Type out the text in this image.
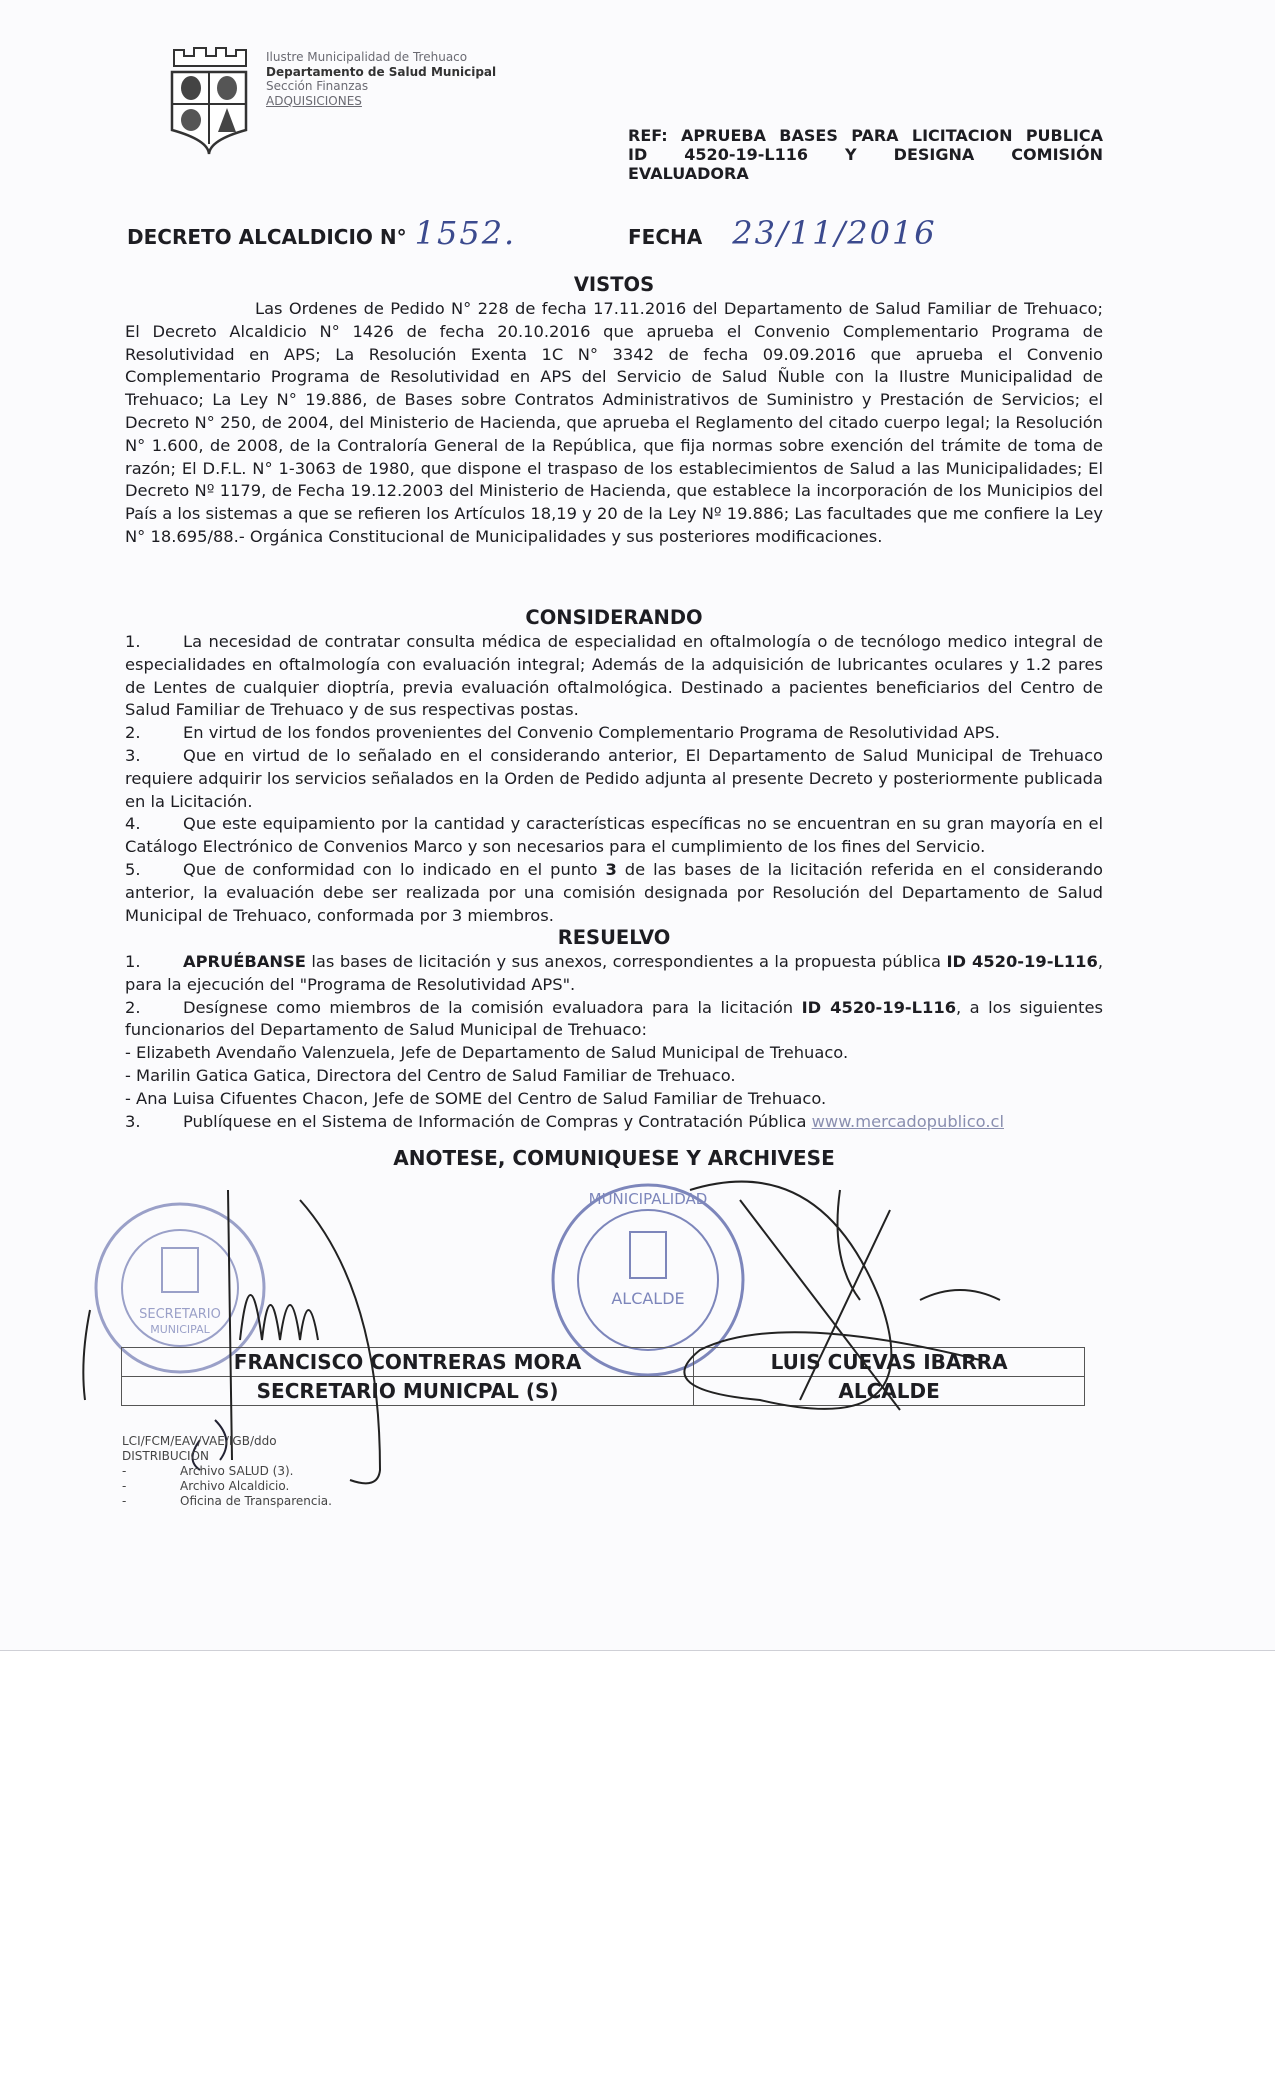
Ilustre Municipalidad de Trehuaco
Departamento de Salud Municipal
Sección Finanzas
ADQUISICIONES
REF: APRUEBA BASES PARA LICITACION PUBLICA
ID 4520-19-L116 Y DESIGNA COMISIÓN
EVALUADORA
DECRETO ALCALDICIO N° 1552.	FECHA 23/11/2016
VISTOS

Las Ordenes de Pedido N° 228 de fecha 17.11.2016 del Departamento de Salud Familiar de Trehuaco; El Decreto Alcaldicio N° 1426 de fecha 20.10.2016 que aprueba el Convenio Complementario Programa de Resolutividad en APS; La Resolución Exenta 1C N° 3342 de fecha 09.09.2016 que aprueba el Convenio Complementario Programa de Resolutividad en APS del Servicio de Salud Ñuble con la Ilustre Municipalidad de Trehuaco; La Ley N° 19.886, de Bases sobre Contratos Administrativos de Suministro y Prestación de Servicios; el Decreto N° 250, de 2004, del Ministerio de Hacienda, que aprueba el Reglamento del citado cuerpo legal; la Resolución N° 1.600, de 2008, de la Contraloría General de la República, que fija normas sobre exención del trámite de toma de razón; El D.F.L. N° 1-3063 de 1980, que dispone el traspaso de los establecimientos de Salud a las Municipalidades; El Decreto Nº 1179, de Fecha 19.12.2003 del Ministerio de Hacienda, que establece la incorporación de los Municipios del País a los sistemas a que se refieren los Artículos 18,19 y 20 de la Ley Nº 19.886; Las facultades que me confiere la Ley N° 18.695/88.- Orgánica Constitucional de Municipalidades y sus posteriores modificaciones.

CONSIDERANDO

1.	La necesidad de contratar consulta médica de especialidad en oftalmología o de tecnólogo medico integral de especialidades en oftalmología con evaluación integral; Además de la adquisición de lubricantes oculares y 1.2 pares de Lentes de cualquier dioptría, previa evaluación oftalmológica. Destinado a pacientes beneficiarios del Centro de Salud Familiar de Trehuaco y de sus respectivas postas.

2.	En virtud de los fondos provenientes del Convenio Complementario Programa de Resolutividad APS.

3.	Que en virtud de lo señalado en el considerando anterior, El Departamento de Salud Municipal de Trehuaco requiere adquirir los servicios señalados en la Orden de Pedido adjunta al presente Decreto y posteriormente publicada en la Licitación.

4.	Que este equipamiento por la cantidad y características específicas no se encuentran en su gran mayoría en el Catálogo Electrónico de Convenios Marco y son necesarios para el cumplimiento de los fines del Servicio.

5.	Que de conformidad con lo indicado en el punto 3 de las bases de la licitación referida en el considerando anterior, la evaluación debe ser realizada por una comisión designada por Resolución del Departamento de Salud Municipal de Trehuaco, conformada por 3 miembros.

RESUELVO

1.	APRUÉBANSE las bases de licitación y sus anexos, correspondientes a la propuesta pública ID 4520-19-L116, para la ejecución del "Programa de Resolutividad APS".

2.	Desígnese como miembros de la comisión evaluadora para la licitación ID 4520-19-L116, a los siguientes funcionarios del Departamento de Salud Municipal de Trehuaco:

- Elizabeth Avendaño Valenzuela, Jefe de Departamento de Salud Municipal de Trehuaco.

- Marilin Gatica Gatica, Directora del Centro de Salud Familiar de Trehuaco.

- Ana Luisa Cifuentes Chacon, Jefe de SOME del Centro de Salud Familiar de Trehuaco.

3.	Publíquese en el Sistema de Información de Compras y Contratación Pública www.mercadopublico.cl

ANOTESE, COMUNIQUESE Y ARCHIVESE
SECRETARIO
MUNICIPAL
ALCALDE
MUNICIPALIDAD
FRANCISCO CONTRERAS MORA	LUIS CUEVAS IBARRA
SECRETARIO MUNICPAL (S)	ALCALDE
LCI/FCM/EAV/VAE/IGB/ddo
DISTRIBUCIÓN
-	Archivo SALUD (3).
-	Archivo Alcaldicio.
-	Oficina de Transparencia.
